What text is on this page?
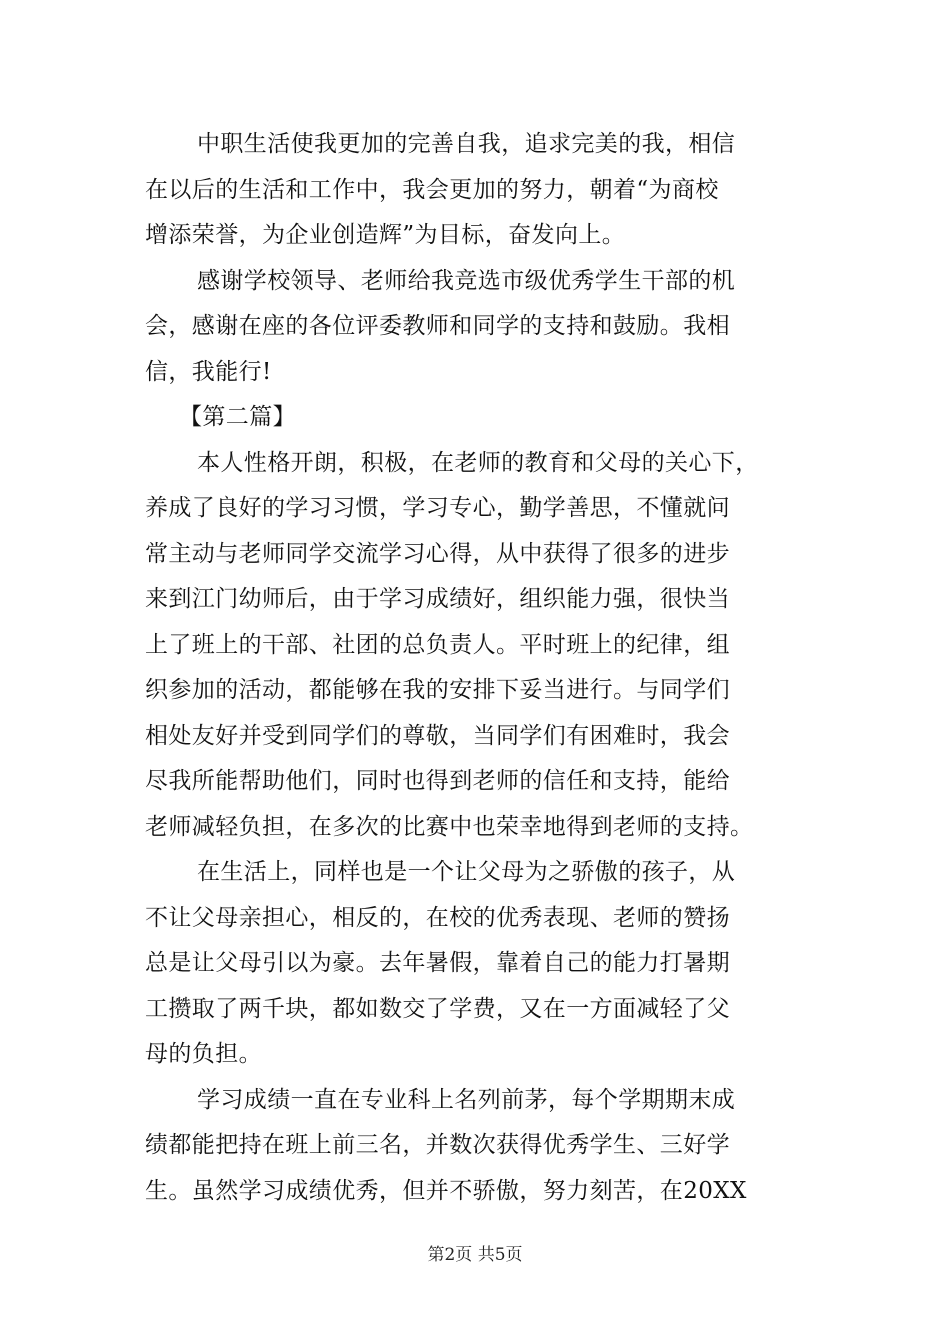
中职生活使我更加的完善自我，追求完美的我，相信
在以后的生活和工作中，我会更加的努力，朝着“为商校
增添荣誉，为企业创造辉”为目标，奋发向上。
感谢学校领导、老师给我竞选市级优秀学生干部的机
会，感谢在座的各位评委教师和同学的支持和鼓励。我相
信，我能行!
【第二篇】
本人性格开朗，积极，在老师的教育和父母的关心下，
养成了良好的学习习惯，学习专心，勤学善思，不懂就问
常主动与老师同学交流学习心得，从中获得了很多的进步
来到江门幼师后，由于学习成绩好，组织能力强，很快当
上了班上的干部、社团的总负责人。平时班上的纪律，组
织参加的活动，都能够在我的安排下妥当进行。与同学们
相处友好并受到同学们的尊敬，当同学们有困难时，我会
尽我所能帮助他们，同时也得到老师的信任和支持，能给
老师减轻负担，在多次的比赛中也荣幸地得到老师的支持。
在生活上，同样也是一个让父母为之骄傲的孩子，从
不让父母亲担心，相反的，在校的优秀表现、老师的赞扬
总是让父母引以为豪。去年暑假，靠着自己的能力打暑期
工攒取了两千块，都如数交了学费，又在一方面减轻了父
母的负担。
学习成绩一直在专业科上名列前茅，每个学期期末成
绩都能把持在班上前三名，并数次获得优秀学生、三好学
生。虽然学习成绩优秀，但并不骄傲，努力刻苦，在20XX
第2页 共5页
